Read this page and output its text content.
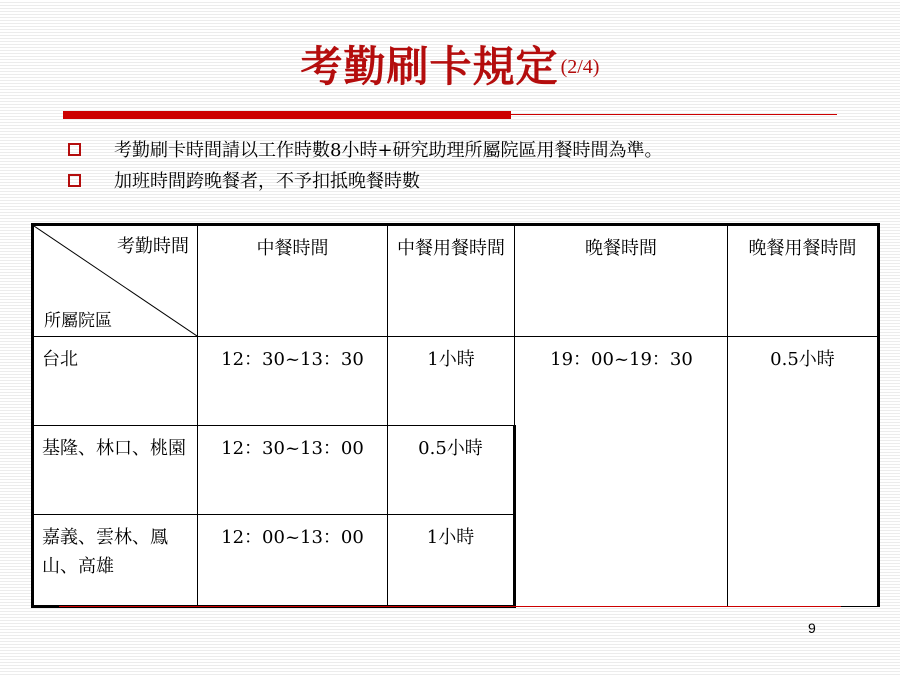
考勤刷卡規定 (2/4)
考勤刷卡時間請以工作時數8小時+研究助理所屬院區用餐時間為準。
加班時間跨晚餐者，不予扣抵晚餐時數
考勤時間
所屬院區	中餐時間	中餐用餐時間	晚餐時間	晚餐用餐時間
台北	12：30~13：30	1小時	19：00~19：30	0.5小時
基隆、林口、桃園	12：30~13：00	0.5小時		
嘉義、雲林、鳳山、高雄	12：00~13：00	1小時		
9
